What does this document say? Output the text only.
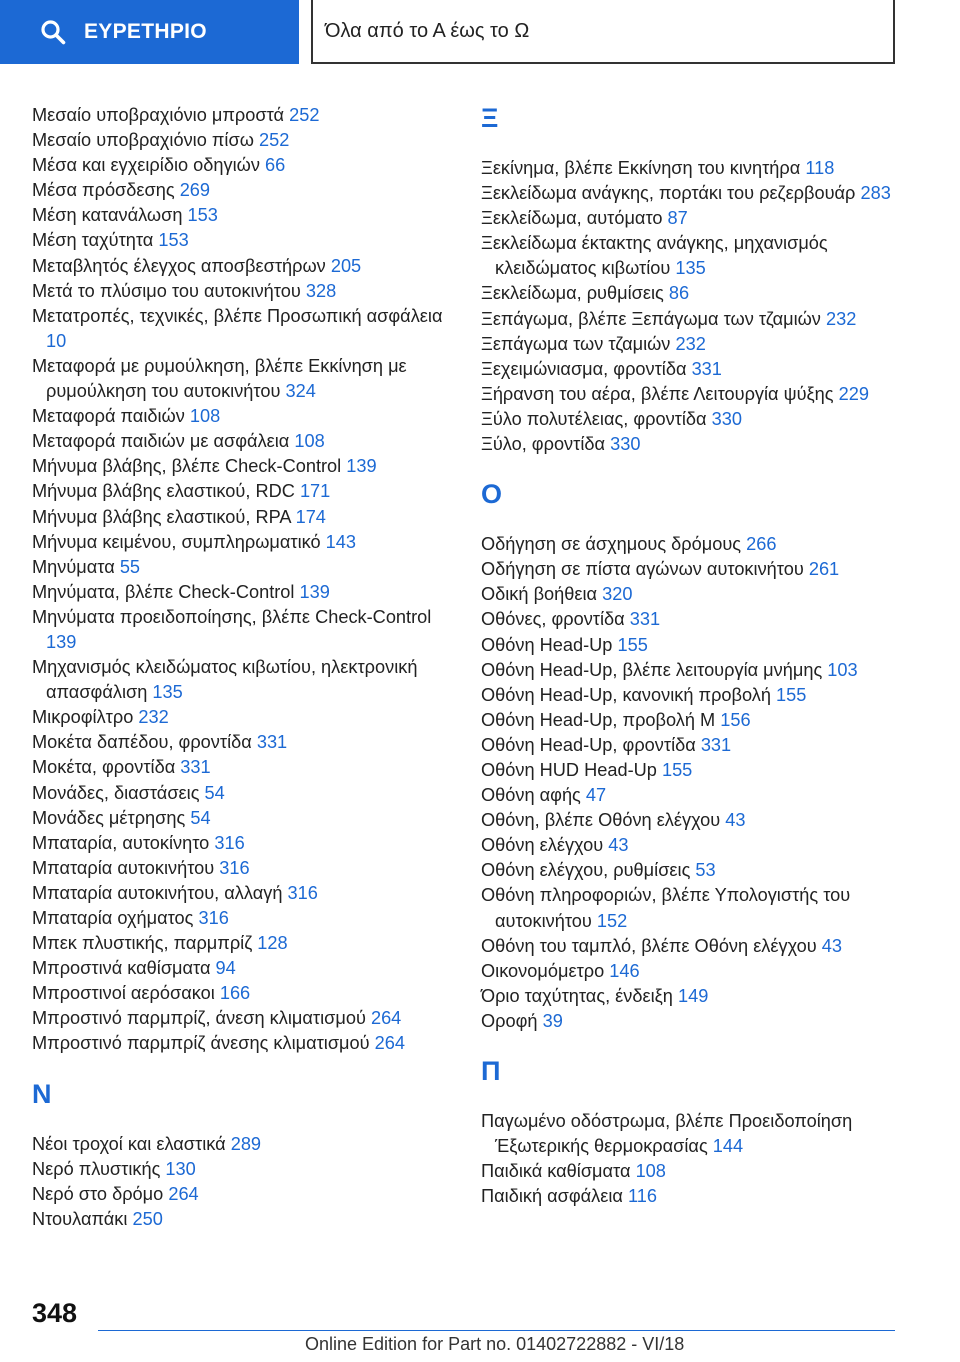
ΕΥΡΕΤΗΡΙΟ	Όλα από το Α έως το Ω
Μεσαίο υποβραχιόνιο μπροστά 252
Μεσαίο υποβραχιόνιο πίσω 252
Μέσα και εγχειρίδιο οδηγιών 66
Μέσα πρόσδεσης 269
Μέση κατανάλωση 153
Μέση ταχύτητα 153
Μεταβλητός έλεγχος αποσβεστήρων 205
Μετά το πλύσιμο του αυτοκινήτου 328
Μετατροπές, τεχνικές, βλέπε Προσωπική ασφάλεια 10
Μεταφορά με ρυμούλκηση, βλέπε Εκκίνηση με ρυμούλκηση του αυτοκινήτου 324
Μεταφορά παιδιών 108
Μεταφορά παιδιών με ασφάλεια 108
Μήνυμα βλάβης, βλέπε Check-Control 139
Μήνυμα βλάβης ελαστικού, RDC 171
Μήνυμα βλάβης ελαστικού, RPA 174
Μήνυμα κειμένου, συμπληρωματικό 143
Μηνύματα 55
Μηνύματα, βλέπε Check-Control 139
Μηνύματα προειδοποίησης, βλέπε Check-Control 139
Μηχανισμός κλειδώματος κιβωτίου, ηλεκτρονική απασφάλιση 135
Μικροφίλτρο 232
Μοκέτα δαπέδου, φροντίδα 331
Μοκέτα, φροντίδα 331
Μονάδες, διαστάσεις 54
Μονάδες μέτρησης 54
Μπαταρία, αυτοκίνητο 316
Μπαταρία αυτοκινήτου 316
Μπαταρία αυτοκινήτου, αλλαγή 316
Μπαταρία οχήματος 316
Μπεκ πλυστικής, παρμπρίζ 128
Μπροστινά καθίσματα 94
Μπροστινοί αερόσακοι 166
Μπροστινό παρμπρίζ, άνεση κλιματισμού 264
Μπροστινό παρμπρίζ άνεσης κλιματισμού 264
Ν
Νέοι τροχοί και ελαστικά 289
Νερό πλυστικής 130
Νερό στο δρόμο 264
Ντουλαπάκι 250
Ξ
Ξεκίνημα, βλέπε Εκκίνηση του κινητήρα 118
Ξεκλείδωμα ανάγκης, πορτάκι του ρεζερβουάρ 283
Ξεκλείδωμα, αυτόματο 87
Ξεκλείδωμα έκτακτης ανάγκης, μηχανισμός κλειδώματος κιβωτίου 135
Ξεκλείδωμα, ρυθμίσεις 86
Ξεπάγωμα, βλέπε Ξεπάγωμα των τζαμιών 232
Ξεπάγωμα των τζαμιών 232
Ξεχειμώνιασμα, φροντίδα 331
Ξήρανση του αέρα, βλέπε Λειτουργία ψύξης 229
Ξύλο πολυτέλειας, φροντίδα 330
Ξύλο, φροντίδα 330
Ο
Οδήγηση σε άσχημους δρόμους 266
Οδήγηση σε πίστα αγώνων αυτοκινήτου 261
Οδική βοήθεια 320
Οθόνες, φροντίδα 331
Οθόνη Head-Up 155
Οθόνη Head-Up, βλέπε λειτουργία μνήμης 103
Οθόνη Head-Up, κανονική προβολή 155
Οθόνη Head-Up, προβολή M 156
Οθόνη Head-Up, φροντίδα 331
Οθόνη HUD Head-Up 155
Οθόνη αφής 47
Οθόνη, βλέπε Οθόνη ελέγχου 43
Οθόνη ελέγχου 43
Οθόνη ελέγχου, ρυθμίσεις 53
Οθόνη πληροφοριών, βλέπε Υπολογιστής του αυτοκινήτου 152
Οθόνη του ταμπλό, βλέπε Οθόνη ελέγχου 43
Οικονομόμετρο 146
Όριο ταχύτητας, ένδειξη 149
Οροφή 39
Π
Παγωμένο οδόστρωμα, βλέπε Προειδοποίηση Έξωτερικής θερμοκρασίας 144
Παιδικά καθίσματα 108
Παιδική ασφάλεια 116
348
Online Edition for Part no. 01402722882 - VI/18
